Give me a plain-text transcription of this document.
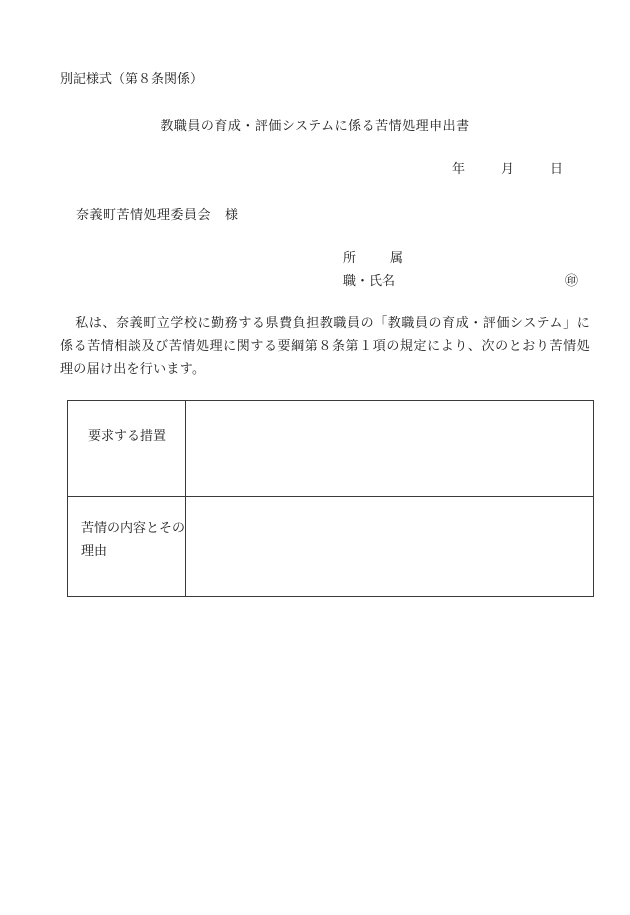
別記様式（第８条関係）
教職員の育成・評価システムに係る苦情処理申出書
年	月	日
奈義町苦情処理委員会 様
所	属
職・氏名	㊞
私は、奈義町立学校に勤務する県費負担教職員の「教職員の育成・評価システム」に係る苦情相談及び苦情処理に関する要綱第８条第１項の規定により、次のとおり苦情処理の届け出を行います。
要求する措置	

苦情の内容とその理由	
